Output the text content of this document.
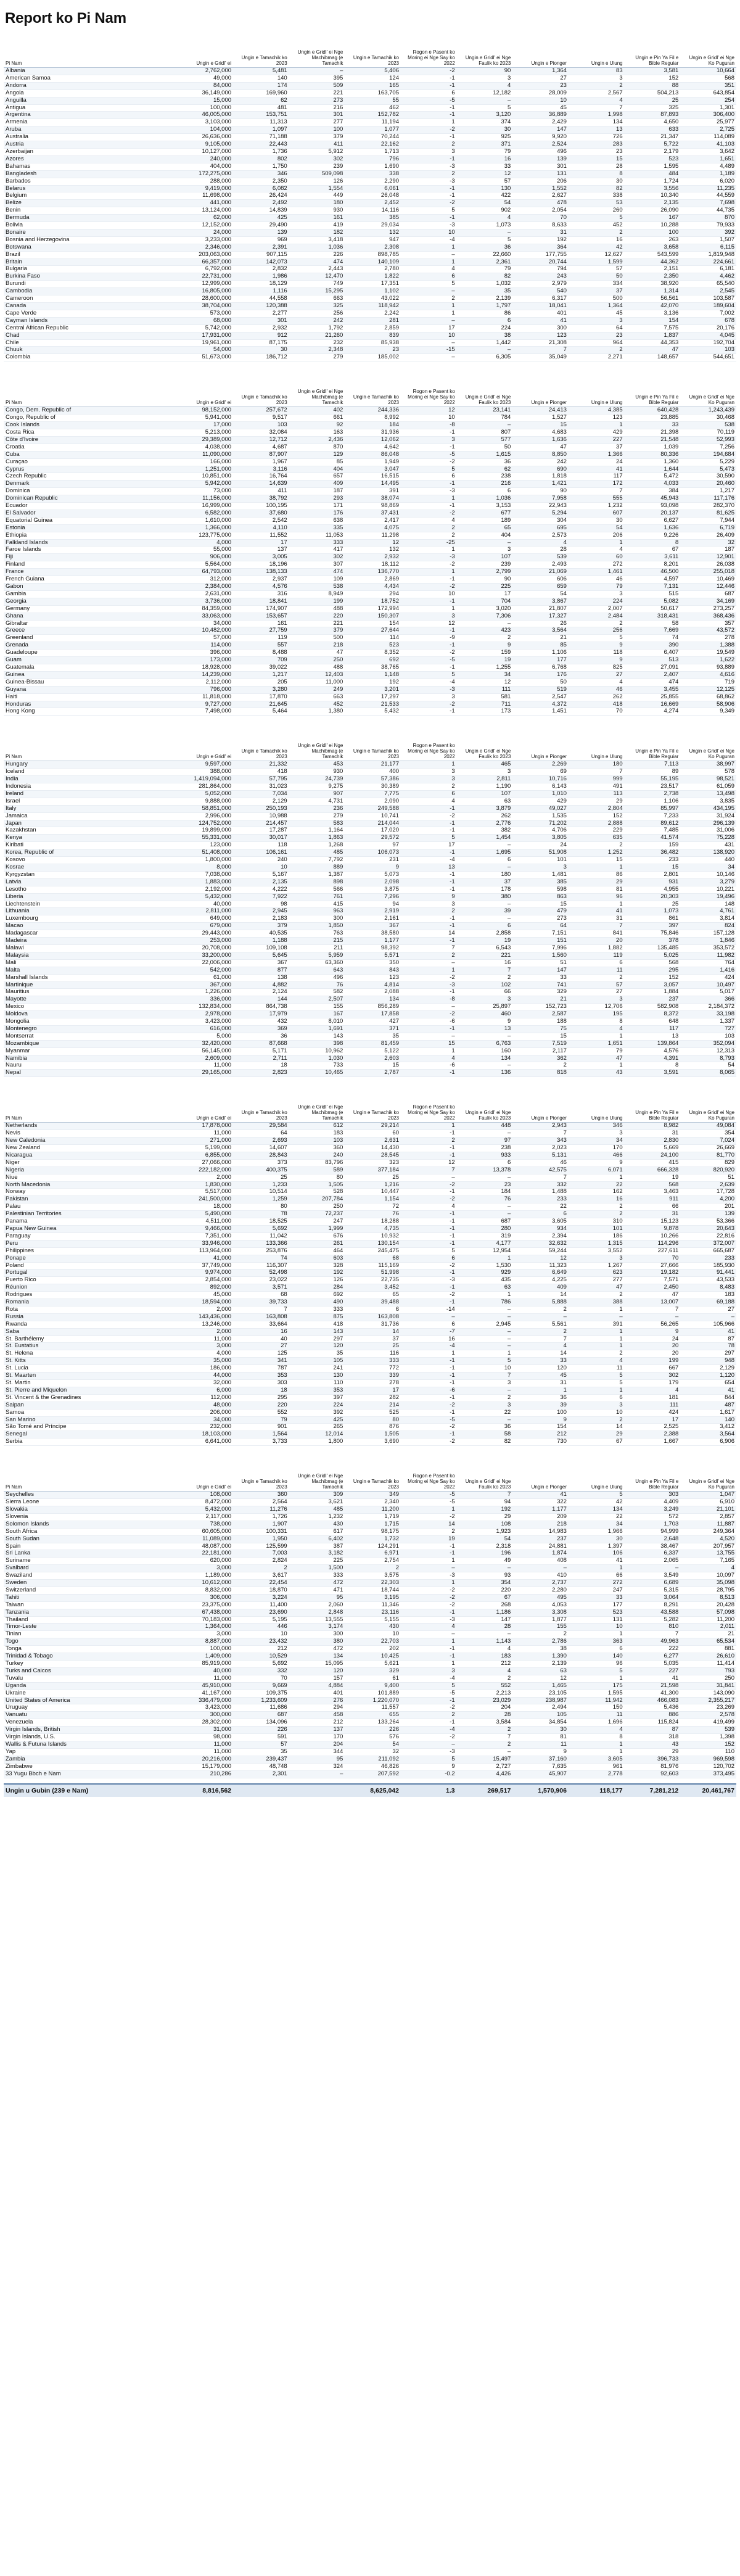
Report ko Pi Nam
Pi Nam	Ungin e Gridl' ei	Ungin e Tamachik ko 2023	Ungin e Gridl' ei Nge Machibmag (e Tamachik	Ungin e Tamachik ko 2023	Rogon e Pasent ko Moring ei Nge Say ko 2022	Ungin e Gridl' ei Nge Faulik ko 2023	Ungin e Pionger	Ungin e Ulung	Ungin e Pin Ya Fil e Bible Reguiar	Ungin e Gridl' ei Nge Ko Puguran
Albania	2,762,000	5,481	–	5,406	-2	90	1,364	83	3,581	10,664
American Samoa	49,000	140	395	124	-1	3	27	3	152	568
Andorra	84,000	174	509	165	-1	4	23	2	88	351
Angola	36,149,000	169,960	221	163,705	6	12,182	28,009	2,567	504,213	643,854
Anguilla	15,000	62	273	55	-5	–	10	4	25	254
Antigua	100,000	481	216	462	-1	5	45	7	325	1,301
Argentina	46,005,000	153,751	301	152,782	-1	3,120	36,889	1,998	87,893	306,400
Armenia	3,103,000	11,313	277	11,194	1	374	2,429	134	4,650	25,977
Aruba	104,000	1,097	100	1,077	-2	30	147	13	633	2,725
Australia	26,636,000	71,188	379	70,244	-1	925	9,920	726	21,347	114,089
Austria	9,105,000	22,443	411	22,162	2	371	2,524	283	5,722	41,103
Azerbaijan	10,127,000	1,736	5,912	1,713	3	79	496	23	2,179	3,642
Azores	240,000	802	302	796	-1	16	139	15	523	1,651
Bahamas	404,000	1,750	239	1,690	-3	33	301	28	1,595	4,489
Bangladesh	172,275,000	346	509,098	338	2	12	131	8	484	1,189
Barbados	288,000	2,350	126	2,290	-3	57	206	30	1,724	6,020
Belarus	9,419,000	6,082	1,554	6,061	-1	130	1,552	82	3,556	11,235
Belgium	11,698,000	26,424	449	26,048	-1	422	2,627	338	10,340	44,559
Belize	441,000	2,492	180	2,452	-2	54	478	53	2,135	7,698
Benin	13,124,000	14,839	930	14,116	5	902	2,054	260	26,090	44,735
Bermuda	62,000	425	161	385	-1	4	70	5	167	870
Bolivia	12,152,000	29,490	419	29,034	-3	1,073	8,633	452	10,288	79,933
Bonaire	24,000	139	182	132	10	–	31	2	100	392
Bosnia and Herzegovina	3,233,000	969	3,418	947	-4	5	192	16	263	1,507
Botswana	2,346,000	2,391	1,036	2,308	1	36	364	42	3,658	6,115
Brazil	203,063,000	907,115	226	898,785	–	22,660	177,755	12,627	543,599	1,819,948
Britain	66,357,000	142,073	474	140,109	1	2,361	20,744	1,599	44,362	224,661
Bulgaria	6,792,000	2,832	2,443	2,780	4	79	794	57	2,151	6,181
Burkina Faso	22,731,000	1,986	12,470	1,822	6	82	243	50	2,350	4,462
Burundi	12,999,000	18,129	749	17,351	5	1,032	2,979	334	38,920	65,540
Cambodia	16,805,000	1,116	15,295	1,102	–	35	540	37	1,314	2,545
Cameroon	28,600,000	44,558	663	43,022	2	2,139	6,317	500	56,561	103,587
Canada	38,704,000	120,388	325	118,942	1	1,797	18,041	1,364	42,070	189,604
Cape Verde	573,000	2,277	256	2,242	1	86	401	45	3,136	7,002
Cayman Islands	68,000	301	242	281	–	6	41	3	154	678
Central African Republic	5,742,000	2,932	1,792	2,859	17	224	300	64	7,575	20,176
Chad	17,931,000	912	21,260	839	10	38	123	23	1,837	4,045
Chile	19,961,000	87,175	232	85,938	–	1,442	21,308	964	44,353	192,704
Chuuk	54,000	30	2,348	23	-15	–	7	2	47	103
Colombia	51,673,000	186,712	279	185,002	–	6,305	35,049	2,271	148,657	544,651
Pi Nam	Ungin e Gridl' ei	Ungin e Tamachik ko 2023	Ungin e Gridl' ei Nge Machibmag (e Tamachik	Ungin e Tamachik ko 2023	Rogon e Pasent ko Moring ei Nge Say ko 2022	Ungin e Gridl' ei Nge Faulik ko 2023	Ungin e Pionger	Ungin e Ulung	Ungin e Pin Ya Fil e Bible Reguiar	Ungin e Gridl' ei Nge Ko Puguran
Congo, Dem. Republic of	98,152,000	257,672	402	244,336	12	23,141	24,413	4,385	640,428	1,243,439
Congo, Republic of	5,941,000	9,517	661	8,992	10	784	1,527	123	23,885	30,468
Cook Islands	17,000	103	92	184	-8	–	15	1	33	538
Costa Rica	5,213,000	32,084	163	31,936	-1	807	4,683	429	21,398	70,119
Côte d'Ivoire	29,389,000	12,712	2,436	12,062	3	577	1,636	227	21,548	52,993
Croatia	4,038,000	4,687	870	4,642	-1	50	47	37	1,039	7,256
Cuba	11,090,000	87,907	129	86,048	-5	1,615	8,850	1,366	80,336	194,684
Curaçao	166,000	1,967	85	1,949	-2	36	242	24	1,360	5,229
Cyprus	1,251,000	3,116	404	3,047	5	62	690	41	1,644	5,473
Czech Republic	10,851,000	16,764	657	16,515	6	238	1,818	117	5,472	30,590
Denmark	5,942,000	14,639	409	14,495	-1	216	1,421	172	4,033	20,460
Dominica	73,000	411	187	391	-3	6	90	7	384	1,217
Dominican Republic	11,156,000	38,792	293	38,074	1	1,036	7,958	555	45,943	117,176
Ecuador	16,999,000	100,195	171	98,869	-1	3,153	22,943	1,232	93,098	282,370
El Salvador	6,582,000	37,680	176	37,431	-2	677	5,294	607	20,137	81,625
Equatorial Guinea	1,610,000	2,542	638	2,417	4	189	304	30	6,627	7,944
Estonia	1,366,000	4,110	335	4,075	2	65	695	54	1,636	6,719
Ethiopia	123,775,000	11,552	11,053	11,298	2	404	2,573	206	9,226	26,409
Falkland Islands	4,000	17	333	12	-25	–	4	1	8	32
Faroe Islands	55,000	137	417	132	1	3	28	4	67	187
Fiji	906,000	3,005	302	2,932	-3	107	539	60	3,611	12,901
Finland	5,564,000	18,196	307	18,112	-2	239	2,493	272	8,201	26,038
France	64,793,000	138,133	474	136,770	1	2,799	21,069	1,461	46,500	255,018
French Guiana	312,000	2,937	109	2,869	-1	90	606	46	4,597	10,469
Gabon	2,384,000	4,576	538	4,434	-2	225	659	79	7,131	12,446
Gambia	2,631,000	316	8,949	294	10	17	54	3	515	687
Georgia	3,736,000	18,841	199	18,752	-1	704	3,867	224	5,082	34,169
Germany	84,359,000	174,907	488	172,994	1	3,020	21,807	2,007	50,617	273,257
Ghana	33,063,000	153,657	220	150,307	3	7,306	17,327	2,484	318,431	368,436
Gibraltar	34,000	161	221	154	12	–	26	2	58	357
Greece	10,482,000	27,759	379	27,644	-1	423	3,564	256	7,669	43,572
Greenland	57,000	119	500	114	-9	2	21	5	74	278
Grenada	114,000	557	218	523	-1	9	85	9	390	1,388
Guadeloupe	396,000	8,488	47	8,352	-2	159	1,106	118	6,407	19,549
Guam	173,000	709	250	692	-5	19	177	9	513	1,622
Guatemala	18,928,000	39,022	488	38,765	-1	1,255	6,768	825	27,091	93,889
Guinea	14,239,000	1,217	12,403	1,148	5	34	176	27	2,407	4,616
Guinea-Bissau	2,112,000	205	11,000	192	-4	12	50	4	474	719
Guyana	796,000	3,280	249	3,201	-3	111	519	46	3,455	12,125
Haiti	11,818,000	17,870	663	17,297	3	581	2,547	262	25,855	68,862
Honduras	9,727,000	21,645	452	21,533	-2	711	4,372	418	16,669	58,906
Hong Kong	7,498,000	5,464	1,380	5,432	-1	173	1,451	70	4,274	9,349
Pi Nam	Ungin e Gridl' ei	Ungin e Tamachik ko 2023	Ungin e Gridl' ei Nge Machibmag (e Tamachik	Ungin e Tamachik ko 2023	Rogon e Pasent ko Moring ei Nge Say ko 2022	Ungin e Gridl' ei Nge Faulik ko 2023	Ungin e Pionger	Ungin e Ulung	Ungin e Pin Ya Fil e Bible Reguiar	Ungin e Gridl' ei Nge Ko Puguran
Hungary	9,597,000	21,332	453	21,177	1	465	2,269	180	7,113	38,997
Iceland	388,000	418	930	400	3	3	69	7	89	578
India	1,419,094,000	57,795	24,739	57,386	3	2,811	10,716	999	55,195	98,521
Indonesia	281,864,000	31,023	9,275	30,389	2	1,190	6,143	491	23,517	61,059
Ireland	5,052,000	7,034	907	7,775	6	107	1,010	113	2,738	13,498
Israel	9,888,000	2,129	4,731	2,090	4	63	429	29	1,106	3,835
Italy	58,851,000	250,193	236	249,588	-1	3,879	49,027	2,804	85,997	434,195
Jamaica	2,996,000	10,988	279	10,741	-2	262	1,535	152	7,233	31,924
Japan	124,752,000	214,457	583	214,044	-1	2,776	71,202	2,888	89,612	296,139
Kazakhstan	19,899,000	17,287	1,164	17,020	-1	382	4,706	229	7,485	31,006
Kenya	55,331,000	30,017	1,863	29,572	5	1,454	3,805	635	41,574	75,228
Kiribati	123,000	118	1,268	97	17	–	24	2	159	431
Korea, Republic of	51,408,000	106,161	485	106,073	-1	1,695	51,908	1,252	36,482	138,920
Kosovo	1,800,000	240	7,792	231	-4	6	101	15	233	440
Kosrae	8,000	10	889	9	13	–	3	1	15	34
Kyrgyzstan	7,038,000	5,167	1,387	5,073	-1	180	1,481	86	2,801	10,146
Latvia	1,883,000	2,135	898	2,098	-1	37	385	29	931	3,279
Lesotho	2,192,000	4,222	566	3,875	-1	178	598	81	4,955	10,221
Liberia	5,432,000	7,922	761	7,296	9	380	863	96	20,303	19,496
Liechtenstein	40,000	98	415	94	3	–	15	1	25	148
Lithuania	2,811,000	2,945	963	2,919	2	39	479	41	1,073	4,761
Luxembourg	649,000	2,183	300	2,161	-1	–	273	31	861	3,814
Macao	679,000	379	1,850	367	-1	6	64	7	397	824
Madagascar	29,443,000	40,535	763	38,580	14	2,858	7,151	841	75,846	157,128
Madeira	253,000	1,188	215	1,177	-1	19	151	20	378	1,846
Malawi	20,708,000	109,108	211	98,392	7	6,543	7,996	1,882	135,485	353,572
Malaysia	33,200,000	5,645	5,959	5,571	2	221	1,560	119	5,025	11,982
Mali	22,006,000	367	63,360	350	–	16	51	6	568	764
Malta	542,000	877	643	843	1	7	147	11	295	1,416
Marshall Islands	61,000	138	496	123	-2	2	33	2	152	424
Martinique	367,000	4,882	76	4,814	-3	102	741	57	3,057	10,497
Mauritius	1,226,000	2,124	582	2,088	-1	66	329	27	1,884	5,017
Mayotte	336,000	144	2,507	134	-8	3	21	3	237	366
Mexico	132,834,000	864,738	155	856,289	–	25,897	152,723	12,706	582,908	2,184,372
Moldova	2,978,000	17,979	167	17,858	-2	460	2,587	195	8,372	33,198
Mongolia	3,423,000	432	8,010	427	-6	9	188	8	648	1,337
Montenegro	616,000	369	1,691	371	-1	13	75	4	117	727
Montserrat	5,000	36	143	35	–	–	15	1	13	103
Mozambique	32,420,000	87,668	398	81,459	15	6,763	7,519	1,651	139,864	352,094
Myanmar	56,145,000	5,171	10,962	5,122	1	160	2,117	79	4,576	12,313
Namibia	2,609,000	2,711	1,030	2,603	4	134	362	47	4,391	8,793
Nauru	11,000	18	733	15	-6	–	2	1	8	54
Nepal	29,165,000	2,823	10,465	2,787	-1	136	818	43	3,591	8,065
Pi Nam	Ungin e Gridl' ei	Ungin e Tamachik ko 2023	Ungin e Gridl' ei Nge Machibmag (e Tamachik	Ungin e Tamachik ko 2023	Rogon e Pasent ko Moring ei Nge Say ko 2022	Ungin e Gridl' ei Nge Faulik ko 2023	Ungin e Pionger	Ungin e Ulung	Ungin e Pin Ya Fil e Bible Reguiar	Ungin e Gridl' ei Nge Ko Puguran
Netherlands	17,878,000	29,584	612	29,214	1	448	2,943	346	8,982	49,084
Nevis	11,000	64	183	60	-1	–	7	3	31	354
New Caledonia	271,000	2,693	103	2,631	2	97	343	34	2,830	7,024
New Zealand	5,199,000	14,607	360	14,430	-1	238	2,023	170	5,669	26,669
Nicaragua	6,855,000	28,843	240	28,545	-1	933	5,131	466	24,100	81,770
Niger	27,066,000	373	83,796	323	12	6	46	9	415	829
Nigeria	222,182,000	400,375	589	377,184	7	13,378	42,575	6,071	666,328	820,920
Niue	2,000	25	80	25	–	–	7	1	19	51
North Macedonia	1,830,000	1,233	1,505	1,216	-2	23	332	22	568	2,639
Norway	5,517,000	10,514	528	10,447	-1	184	1,488	162	3,463	17,728
Pakistan	241,500,000	1,259	207,784	1,154	-2	76	233	16	911	4,200
Palau	18,000	80	250	72	4	–	22	2	66	201
Palestinian Territories	5,490,000	78	72,237	76	-1	–	6	2	31	139
Panama	4,511,000	18,525	247	18,288	-1	687	3,605	310	15,123	53,366
Papua New Guinea	9,466,000	5,692	1,999	4,735	-1	280	934	101	9,878	20,643
Paraguay	7,351,000	11,042	676	10,932	-1	319	2,394	186	10,266	22,816
Peru	33,946,000	133,366	261	130,154	-1	4,177	32,632	1,315	114,296	372,007
Philippines	113,964,000	253,876	464	245,475	5	12,954	59,244	3,552	227,611	665,687
Ponape	41,000	74	603	68	6	1	12	3	70	233
Poland	37,749,000	116,307	328	115,169	-2	1,530	11,323	1,267	27,666	185,930
Portugal	9,974,000	52,498	192	51,998	-1	929	6,649	623	19,182	91,441
Puerto Rico	2,854,000	23,022	126	22,735	-3	435	4,225	277	7,571	43,533
Réunion	892,000	3,571	284	3,452	-1	63	409	47	2,450	8,483
Rodrigues	45,000	68	692	65	-2	1	14	2	47	183
Romania	18,594,000	39,733	490	39,488	-1	786	5,888	388	13,007	69,188
Rota	2,000	7	333	6	-14	–	2	1	7	27
Russia	143,436,000	163,808	875	163,808	–	–	–	–	–	–
Rwanda	13,246,000	33,664	418	31,736	6	2,945	5,561	391	56,265	105,966
Saba	2,000	16	143	14	-7	–	2	1	9	41
St. Barthélemy	11,000	40	297	37	16	–	7	1	24	87
St. Eustatius	3,000	27	120	25	-4	–	4	1	20	78
St. Helena	4,000	125	35	116	1	1	14	2	20	297
St. Kitts	35,000	341	105	333	-1	5	33	4	199	948
St. Lucia	186,000	787	241	772	-1	10	120	11	667	2,129
St. Maarten	44,000	353	130	339	-1	7	45	5	302	1,120
St. Martin	32,000	303	110	278	-1	3	31	5	179	654
St. Pierre and Miquelon	6,000	18	353	17	-6	–	1	1	4	41
St. Vincent & the Grenadines	112,000	295	397	282	-1	2	36	6	181	844
Saipan	48,000	220	224	214	-2	3	39	3	111	487
Samoa	206,000	552	392	525	-1	22	100	10	424	1,617
San Marino	34,000	79	425	80	-5	–	9	2	17	140
São Tomé and Príncipe	232,000	901	265	876	-2	36	154	14	2,525	3,412
Senegal	18,103,000	1,564	12,014	1,505	-1	58	212	29	2,388	3,564
Serbia	6,641,000	3,733	1,800	3,690	-2	82	730	67	1,667	6,906
Pi Nam	Ungin e Gridl' ei	Ungin e Tamachik ko 2023	Ungin e Gridl' ei Nge Machibmag (e Tamachik	Ungin e Tamachik ko 2023	Rogon e Pasent ko Moring ei Nge Say ko 2022	Ungin e Gridl' ei Nge Faulik ko 2023	Ungin e Pionger	Ungin e Ulung	Ungin e Pin Ya Fil e Bible Reguiar	Ungin e Gridl' ei Nge Ko Puguran
Seychelles	108,000	360	309	349	-5	7	41	5	303	1,047
Sierra Leone	8,472,000	2,564	3,621	2,340	-5	94	322	42	4,409	6,910
Slovakia	5,432,000	11,276	485	11,200	1	192	1,177	134	3,249	21,101
Slovenia	2,117,000	1,726	1,232	1,719	-2	29	209	22	572	2,857
Solomon Islands	738,000	1,907	430	1,715	14	108	218	34	1,703	11,887
South Africa	60,605,000	100,331	617	98,175	2	1,923	14,983	1,966	94,999	249,364
South Sudan	11,089,000	1,950	6,402	1,732	19	54	237	30	2,648	4,520
Spain	48,087,000	125,599	387	124,291	-1	2,318	24,881	1,397	38,467	207,957
Sri Lanka	22,181,000	7,003	3,182	6,971	-1	196	1,874	106	6,337	13,755
Suriname	620,000	2,824	225	2,754	1	49	408	41	2,065	7,165
Svalbard	3,000	2	1,500	2	–	–	–	1	–	4
Swaziland	1,189,000	3,617	333	3,575	-3	93	410	66	3,549	10,097
Sweden	10,612,000	22,454	472	22,303	1	354	2,737	272	6,689	35,098
Switzerland	8,832,000	18,870	471	18,744	-2	220	2,280	247	5,315	28,795
Tahiti	306,000	3,224	95	3,195	-2	67	495	33	3,064	8,513
Taiwan	23,375,000	11,400	2,060	11,346	-2	268	4,053	177	8,291	20,428
Tanzania	67,438,000	23,690	2,848	23,116	-1	1,186	3,308	523	43,588	57,098
Thailand	70,183,000	5,195	13,555	5,155	-3	147	1,877	131	5,282	11,200
Timor-Leste	1,364,000	446	3,174	430	4	28	155	10	810	2,011
Tinian	3,000	10	300	10	–	–	2	1	7	21
Togo	8,887,000	23,432	380	22,703	1	1,143	2,786	363	49,963	65,534
Tonga	100,000	212	472	202	-1	4	38	6	222	881
Trinidad & Tobago	1,409,000	10,529	134	10,425	-1	183	1,390	140	6,277	26,610
Turkey	85,919,000	5,692	15,095	5,621	1	212	2,139	96	5,035	11,414
Turks and Caicos	40,000	332	120	329	3	4	63	5	227	793
Tuvalu	11,000	70	157	61	-4	2	12	1	41	250
Uganda	45,910,000	9,669	4,884	9,400	5	552	1,465	175	21,598	31,841
Ukraine	41,167,000	109,375	401	101,889	-5	2,213	23,105	1,595	41,300	143,090
United States of America	336,479,000	1,233,609	276	1,220,070	-1	23,029	238,987	11,942	466,083	2,355,217
Uruguay	3,423,000	11,686	294	11,557	-2	204	2,494	150	5,436	23,269
Vanuatu	300,000	687	458	655	2	28	105	11	886	2,578
Venezuela	28,302,000	134,096	212	133,264	-1	3,584	34,854	1,696	115,824	419,499
Virgin Islands, British	31,000	226	137	226	-4	2	30	4	87	539
Virgin Islands, U.S.	98,000	591	170	576	-2	7	81	8	318	1,398
Wallis & Futuna Islands	11,000	57	204	54	–	2	11	1	43	152
Yap	11,000	35	344	32	-3	–	9	1	29	110
Zambia	20,216,000	239,437	95	211,092	5	15,497	37,160	3,605	396,733	969,598
Zimbabwe	15,179,000	48,748	324	46,826	9	2,727	7,635	961	81,976	120,702
33 Yugu Bbch e Nam	210,286	2,301	–	207,592	-0.2	4,426	45,907	2,778	92,603	373,495
Ungin u Gubin (239 e Nam)	8,816,562			8,625,042	1.3	269,517	1,570,906	118,177	7,281,212	20,461,767
